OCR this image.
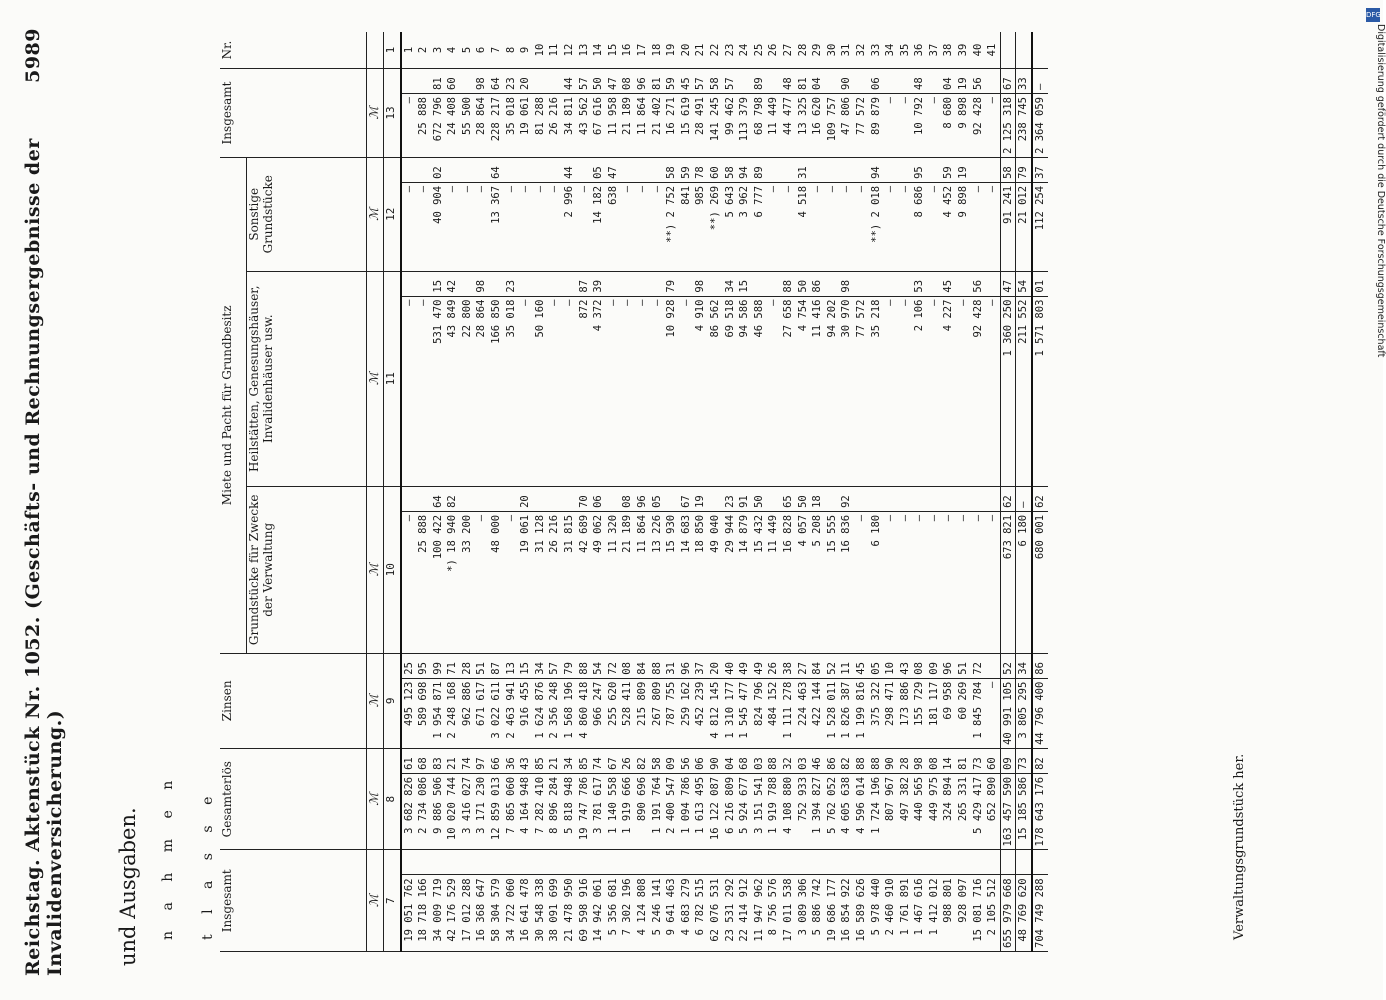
Reichstag. Aktenstück Nr. 1052. (Geschäfts- und Rechnungsergebnisse der Invalidenversicherung.)
5989
und Ausgaben. n a h m e n t l a s s e Insgesamt		Gesamterlös		Zinsen		Miete und Pacht für Grundbesitz						Insgesamt		Nr.
						Grundstücke für Zwecke der Verwaltung		Heilstätten, Genesungshäuser, Invalidenhäuser usw.		Sonstige Grundstücke				
ℳ		ℳ		ℳ		ℳ		ℳ		ℳ		ℳ		
7		8		9		10		11		12		13		1
19 051 762		3 682 826	61	495 123	25	—		—		—		—		1
18 718 166		2 734 086	68	589 698	95	25 888		—		—		25 888		2
34 009 719		9 886 506	83	1 954 871	99	100 422	64	531 470	15	40 904	02	672 796	81	3
42 176 529		10 020 744	21	2 248 168	71	*) 18 940	82	43 849	42	—		24 408	60	4
17 012 288		3 416 027	74	962 886	28	33 200		22 800		—		55 500		5
16 368 647		3 171 230	97	671 617	51	—		28 864	98	—		28 864	98	6
58 304 579		12 859 013	66	3 022 611	87	48 000		166 850		13 367	64	228 217	64	7
34 722 060		7 865 060	36	2 463 941	13	—		35 018	23	—		35 018	23	8
16 641 478		4 164 948	43	916 455	15	19 061	20	—		—		19 061	20	9
30 548 338		7 282 410	85	1 624 876	34	31 128		50 160		—		81 288		10
38 091 699		8 896 284	21	2 356 248	57	26 216		—		—		26 216		11
21 478 950		5 818 948	34	1 568 196	79	31 815		—		2 996	44	34 811	44	12
69 598 916		19 747 786	85	4 860 418	88	42 689	70	872	87	—		43 562	57	13
14 942 061		3 781 617	74	966 247	54	49 062	06	4 372	39	14 182	05	67 616	50	14
5 356 681		1 140 558	67	255 620	72	11 320		—		638	47	11 958	47	15
7 302 196		1 919 666	26	528 411	08	21 189	08	—		—		21 189	08	16
4 124 808		890 696	82	215 809	84	11 864	96	—		—		11 864	96	17
5 246 141		1 191 764	58	267 809	88	13 226	05	—		—		21 402	81	18
9 641 463		2 400 547	09	787 755	31	15 930		10 928	79	**) 2 752	58	16 271	59	19
4 683 279		1 094 786	56	259 162	96	14 683	67	—		841	59	15 619	45	20
6 782 515		1 613 495	06	452 239	37	18 850	19	4 910	98	985	78	28 491	57	21
62 076 531		16 122 087	90	4 812 145	20	49 040		86 562		**) 269	60	141 245	58	22
23 531 292		6 216 809	04	1 310 177	40	29 944	23	69 518	34	5 643	58	99 462	57	23
22 414 912		5 924 677	68	1 545 477	49	14 879	91	94 586	15	3 962	94	113 379		24
11 947 962		3 151 541	03	824 796	49	15 432	50	46 588		6 777	89	68 798	89	25
8 756 576		1 919 788	88	484 152	26	11 449		—		—		11 449		26
17 011 538		4 108 880	32	1 111 278	38	16 828	65	27 658	88	—		44 477	48	27
3 089 306		752 933	03	224 463	27	4 057	50	4 754	50	4 518	31	13 325	81	28
5 886 742		1 394 827	46	422 144	84	5 208	18	11 416	86	—		16 620	04	29
19 686 177		5 762 052	86	1 528 011	52	15 555		94 202		—		109 757		30
16 854 922		4 605 638	82	1 826 387	11	16 836	92	30 970	98	—		47 806	90	31
16 589 626		4 596 014	88	1 199 816	45	—		77 572		—		77 572		32
5 978 440		1 724 196	88	375 322	05	6 180		35 218		**) 2 018	94	89 879	06	33
2 460 910		807 967	90	298 471	10	—		—		—		—		34
1 761 891		497 382	28	173 886	43	—		—		—		—		35
1 467 616		440 565	98	155 729	08	—		2 106	53	8 686	95	10 792	48	36
1 412 012		449 975	08	181 117	09	—		—		—		—		37
988 801		324 894	14	69 958	96	—		4 227	45	4 452	59	8 680	04	38
928 097		265 331	81	60 269	51	—		—		9 898	19	9 898	19	39
15 081 716		5 429 417	73	1 845 784	72	—		92 428	56	—		92 428	56	40
2 105 512		652 890	60	—		—		—		—		—		41
655 979 668		163 457 590	09	40 991 105	52	673 821	62	1 360 250	47	91 241	58	2 125 318	67	
48 769 620		15 185 586	73	3 805 295	34	6 180	—	211 552	54	21 012	79	238 745	33	
704 749 288		178 643 176	82	44 796 400	86	680 001	62	1 571 803	01	112 254	37	2 364 059	—	
Verwaltungsgrundstück her.
DFG
Digitalisierung gefördert durch die Deutsche Forschungsgemeinschaft
